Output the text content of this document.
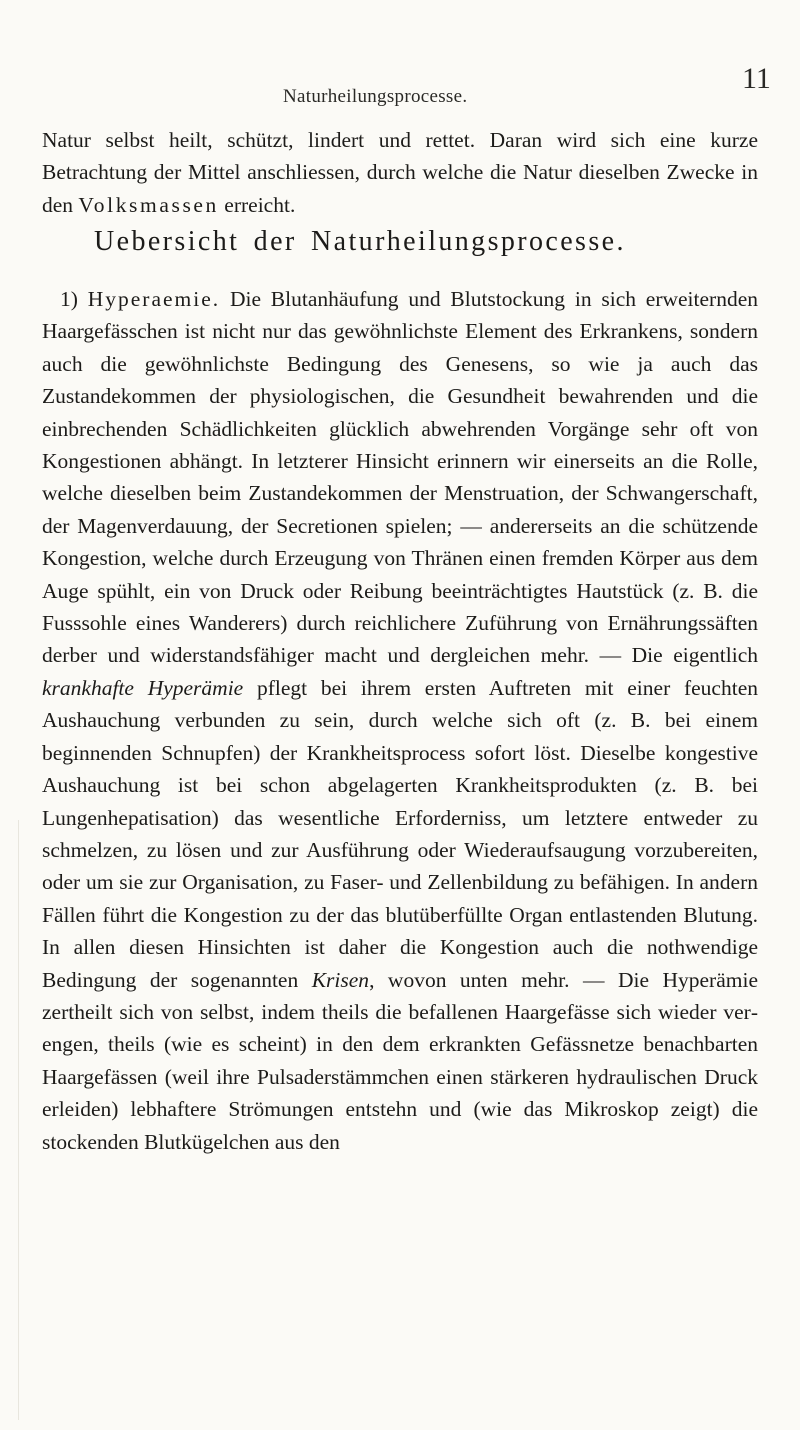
Naturheilungsprocesse.
11

Natur selbst heilt, schützt, lindert und rettet. Daran wird sich eine kurze Betrachtung der Mittel anschliessen, durch welche die Natur dieselben Zwecke in den Volksmassen erreicht.

Uebersicht der Naturheilungsprocesse.

1) Hyperaemie. Die Blutanhäufung und Blutstockung in sich erweiternden Haargefässchen ist nicht nur das gewöhnlichste Element des Erkrankens, sondern auch die gewöhnlichste Bedingung des Genesens, so wie ja auch das Zustandekommen der physiologischen, die Gesundheit bewahrenden und die einbrechenden Schädlichkeiten glücklich abwehrenden Vorgänge sehr oft von Kongestionen abhängt. In letzterer Hinsicht erinnern wir einerseits an die Rolle, welche dieselben beim Zustandekommen der Menstruation, der Schwangerschaft, der Magenverdauung, der Secretionen spielen; — andererseits an die schützende Kongestion, welche durch Erzeugung von Thränen einen fremden Körper aus dem Auge spühlt, ein von Druck oder Reibung beeinträchtigtes Hautstück (z. B. die Fusssohle eines Wanderers) durch reichlichere Zuführung von Ernährungssäften derber und widerstandsfähiger macht und dergleichen mehr. — Die eigentlich krankhafte Hyperämie pflegt bei ihrem ersten Auftreten mit einer feuchten Aushauchung verbunden zu sein, durch welche sich oft (z. B. bei einem beginnenden Schnupfen) der Krankheitsprocess sofort löst. Dieselbe kongestive Aushauchung ist bei schon abgelagerten Krankheitsprodukten (z. B. bei Lungenhepatisation) das wesentliche Erforderniss, um letztere entweder zu schmelzen, zu lösen und zur Ausführung oder Wiederaufsaugung vorzubereiten, oder um sie zur Organisation, zu Faser- und Zellenbildung zu befähigen. In andern Fällen führt die Kongestion zu der das blutüberfüllte Organ entlastenden Blutung. In allen diesen Hinsichten ist daher die Kongestion auch die nothwendige Bedingung der sogenannten Krisen, wovon unten mehr. — Die Hyperämie zertheilt sich von selbst, indem theils die befallenen Haargefässe sich wieder verengen, theils (wie es scheint) in den dem erkrankten Gefässnetze benachbarten Haargefässen (weil ihre Pulsaderstämmchen einen stärkeren hydraulischen Druck erleiden) lebhaftere Strömungen entstehn und (wie das Mikroskop zeigt) die stockenden Blutkügelchen aus den
